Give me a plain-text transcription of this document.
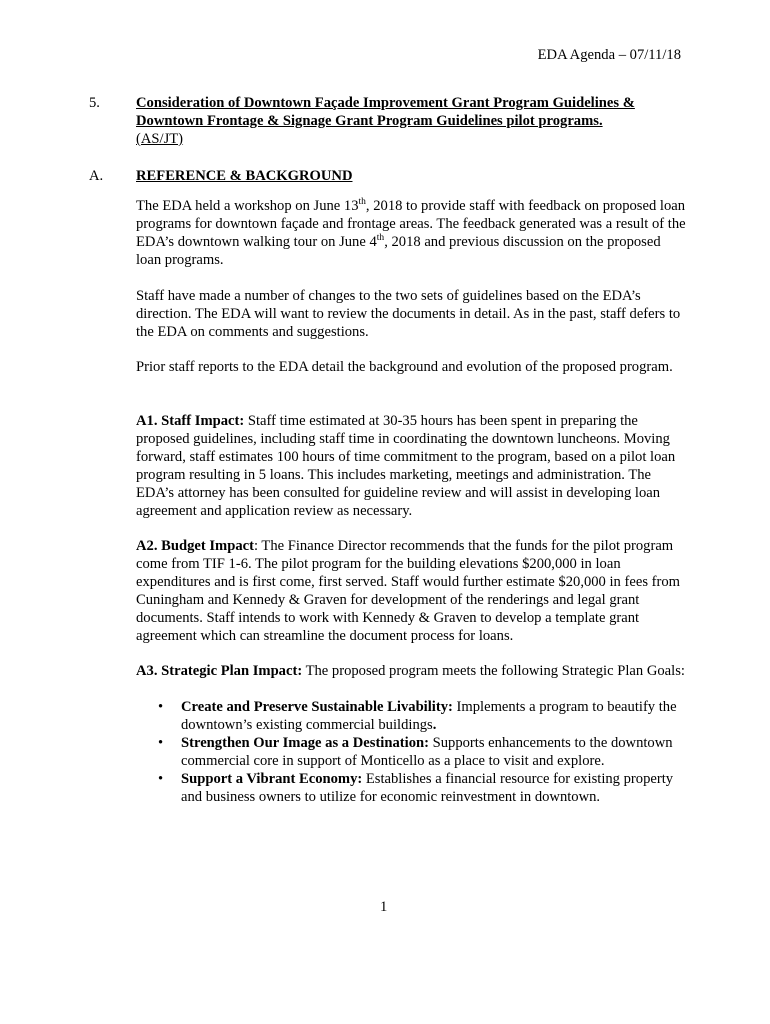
EDA Agenda – 07/11/18
5. Consideration of Downtown Façade Improvement Grant Program Guidelines &
Downtown Frontage & Signage Grant Program Guidelines pilot programs.
(AS/JT)
A. REFERENCE & BACKGROUND

The EDA held a workshop on June 13th, 2018 to provide staff with feedback on proposed loan programs for downtown façade and frontage areas. The feedback generated was a result of the EDA’s downtown walking tour on June 4th, 2018 and previous discussion on the proposed loan programs.

Staff have made a number of changes to the two sets of guidelines based on the EDA’s direction. The EDA will want to review the documents in detail. As in the past, staff defers to the EDA on comments and suggestions.

Prior staff reports to the EDA detail the background and evolution of the proposed program.

A1. Staff Impact: Staff time estimated at 30-35 hours has been spent in preparing the proposed guidelines, including staff time in coordinating the downtown luncheons. Moving forward, staff estimates 100 hours of time commitment to the program, based on a pilot loan program resulting in 5 loans. This includes marketing, meetings and administration. The EDA’s attorney has been consulted for guideline review and will assist in developing loan agreement and application review as necessary.

A2. Budget Impact: The Finance Director recommends that the funds for the pilot program come from TIF 1-6. The pilot program for the building elevations $200,000 in loan expenditures and is first come, first served. Staff would further estimate $20,000 in fees from Cuningham and Kennedy & Graven for development of the renderings and legal grant documents. Staff intends to work with Kennedy & Graven to develop a template grant agreement which can streamline the document process for loans.

A3. Strategic Plan Impact: The proposed program meets the following Strategic Plan Goals:

• Create and Preserve Sustainable Livability: Implements a program to beautify the downtown’s existing commercial buildings.
• Strengthen Our Image as a Destination: Supports enhancements to the downtown commercial core in support of Monticello as a place to visit and explore.
• Support a Vibrant Economy: Establishes a financial resource for existing property and business owners to utilize for economic reinvestment in downtown.
1
